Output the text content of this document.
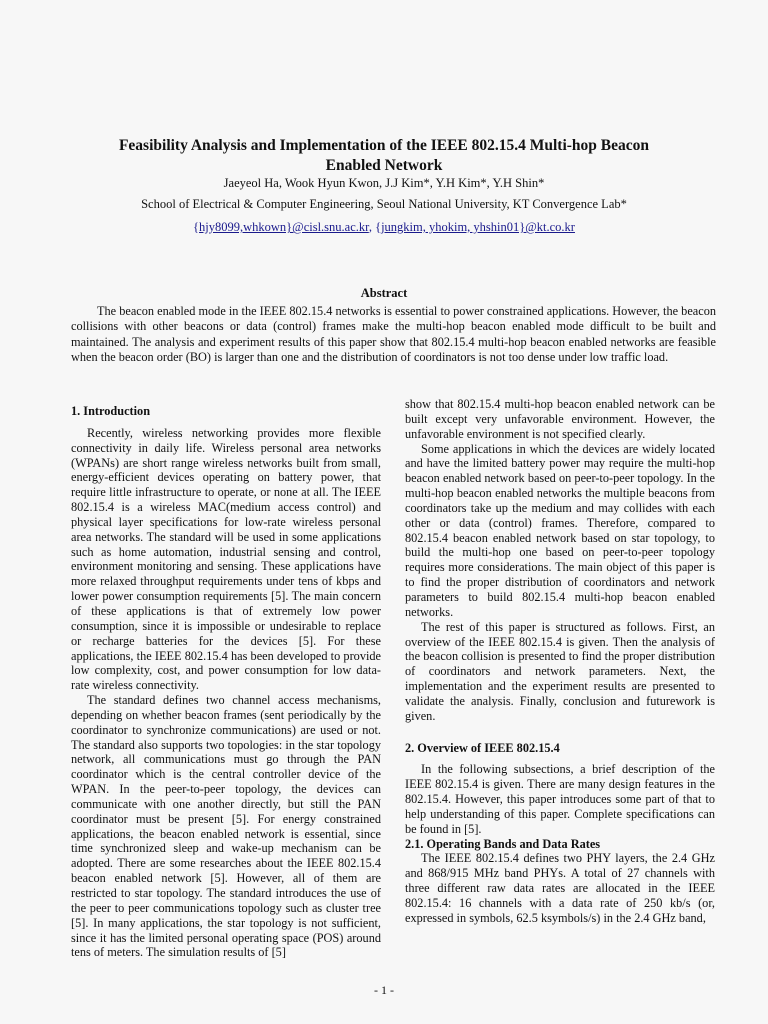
Feasibility Analysis and Implementation of the IEEE 802.15.4 Multi-hop Beacon
Enabled Network
Jaeyeol Ha, Wook Hyun Kwon, J.J Kim*, Y.H Kim*, Y.H Shin*
School of Electrical & Computer Engineering, Seoul National University, KT Convergence Lab*
{hjy8099,whkown}@cisl.snu.ac.kr, {jungkim, yhokim, yhshin01}@kt.co.kr
Abstract
The beacon enabled mode in the IEEE 802.15.4 networks is essential to power constrained applications. However, the beacon collisions with other beacons or data (control) frames make the multi-hop beacon enabled mode difficult to be built and maintained. The analysis and experiment results of this paper show that 802.15.4 multi-hop beacon enabled networks are feasible when the beacon order (BO) is larger than one and the distribution of coordinators is not too dense under low traffic load.
1. Introduction

Recently, wireless networking provides more flexible connectivity in daily life. Wireless personal area networks (WPANs) are short range wireless networks built from small, energy-efficient devices operating on battery power, that require little infrastructure to operate, or none at all. The IEEE 802.15.4 is a wireless MAC(medium access control) and physical layer specifications for low-rate wireless personal area networks. The standard will be used in some applications such as home automation, industrial sensing and control, environment monitoring and sensing. These applications have more relaxed throughput requirements under tens of kbps and lower power consumption requirements [5]. The main concern of these applications is that of extremely low power consumption, since it is impossible or undesirable to replace or recharge batteries for the devices [5]. For these applications, the IEEE 802.15.4 has been developed to provide low complexity, cost, and power consumption for low data-rate wireless connectivity.

The standard defines two channel access mechanisms, depending on whether beacon frames (sent periodically by the coordinator to synchronize communications) are used or not. The standard also supports two topologies: in the star topology network, all communications must go through the PAN coordinator which is the central controller device of the WPAN. In the peer-to-peer topology, the devices can communicate with one another directly, but still the PAN coordinator must be present [5]. For energy constrained applications, the beacon enabled network is essential, since time synchronized sleep and wake-up mechanism can be adopted. There are some researches about the IEEE 802.15.4 beacon enabled network [5]. However, all of them are restricted to star topology. The standard introduces the use of the peer to peer communications topology such as cluster tree [5]. In many applications, the star topology is not sufficient, since it has the limited personal operating space (POS) around tens of meters. The simulation results of [5]

show that 802.15.4 multi-hop beacon enabled network can be built except very unfavorable environment. However, the unfavorable environment is not specified clearly.

Some applications in which the devices are widely located and have the limited battery power may require the multi-hop beacon enabled network based on peer-to-peer topology. In the multi-hop beacon enabled networks the multiple beacons from coordinators take up the medium and may collides with each other or data (control) frames. Therefore, compared to 802.15.4 beacon enabled network based on star topology, to build the multi-hop one based on peer-to-peer topology requires more considerations. The main object of this paper is to find the proper distribution of coordinators and network parameters to build 802.15.4 multi-hop beacon enabled networks.

The rest of this paper is structured as follows. First, an overview of the IEEE 802.15.4 is given. Then the analysis of the beacon collision is presented to find the proper distribution of coordinators and network parameters. Next, the implementation and the experiment results are presented to validate the analysis. Finally, conclusion and futurework is given.

2. Overview of IEEE 802.15.4

In the following subsections, a brief description of the IEEE 802.15.4 is given. There are many design features in the 802.15.4. However, this paper introduces some part of that to help understanding of this paper. Complete specifications can be found in [5].

2.1. Operating Bands and Data Rates

The IEEE 802.15.4 defines two PHY layers, the 2.4 GHz and 868/915 MHz band PHYs. A total of 27 channels with three different raw data rates are allocated in the IEEE 802.15.4: 16 channels with a data rate of 250 kb/s (or, expressed in symbols, 62.5 ksymbols/s) in the 2.4 GHz band,

- 1 -
